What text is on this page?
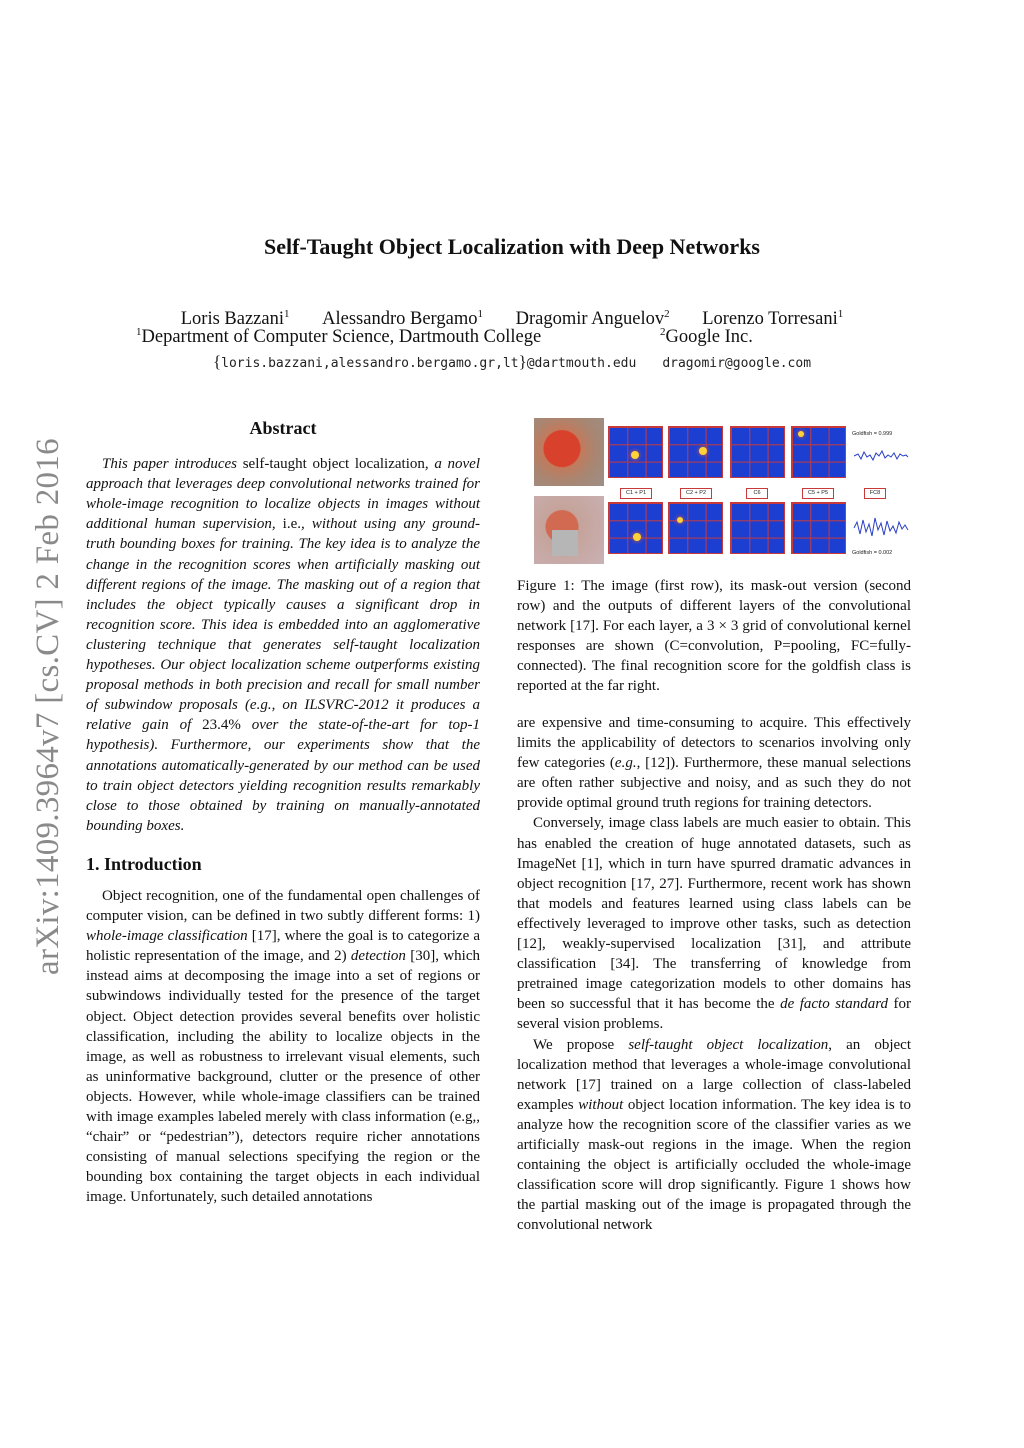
arXiv:1409.3964v7 [cs.CV] 2 Feb 2016
Self-Taught Object Localization with Deep Networks
Loris Bazzani$^1$ Alessandro Bergamo$^1$ Dragomir Anguelov$^2$ Lorenzo Torresani$^1$
$^1$Department of Computer Science, Dartmouth College	$^2$Google Inc.
{loris.bazzani,alessandro.bergamo.gr,lt}@dartmouth.edu dragomir@google.com
Abstract

This paper introduces self-taught object localization, a novel approach that leverages deep convolutional networks trained for whole-image recognition to localize objects in images without additional human supervision, i.e., without using any ground-truth bounding boxes for training. The key idea is to analyze the change in the recognition scores when artificially masking out different regions of the image. The masking out of a region that includes the object typically causes a significant drop in recognition score. This idea is embedded into an agglomerative clustering technique that generates self-taught localization hypotheses. Our object localization scheme outperforms existing proposal methods in both precision and recall for small number of subwindow proposals (e.g., on ILSVRC-2012 it produces a relative gain of 23.4% over the state-of-the-art for top-1 hypothesis). Furthermore, our experiments show that the annotations automatically-generated by our method can be used to train object detectors yielding recognition results remarkably close to those obtained by training on manually-annotated bounding boxes.

1. Introduction

Object recognition, one of the fundamental open challenges of computer vision, can be defined in two subtly different forms: 1) whole-image classification [17], where the goal is to categorize a holistic representation of the image, and 2) detection [30], which instead aims at decomposing the image into a set of regions or subwindows individually tested for the presence of the target object. Object detection provides several benefits over holistic classification, including the ability to localize objects in the image, as well as robustness to irrelevant visual elements, such as uninformative background, clutter or the presence of other objects. However, while whole-image classifiers can be trained with image examples labeled merely with class information (e.g,, “chair” or “pedestrian”), detectors require richer annotations consisting of manual selections specifying the region or the bounding box containing the target objects in each individual image. Unfortunately, such detailed annotations

Goldfish = 0.999
C1 + P1	C2 + P2	C6	C5 + P5	FC8
Goldfish = 0.002
Figure 1: The image (first row), its mask-out version (second row) and the outputs of different layers of the convolutional network [17]. For each layer, a 3 × 3 grid of convolutional kernel responses are shown (C=convolution, P=pooling, FC=fully-connected). The final recognition score for the goldfish class is reported at the far right.

are expensive and time-consuming to acquire. This effectively limits the applicability of detectors to scenarios involving only few categories (e.g., [12]). Furthermore, these manual selections are often rather subjective and noisy, and as such they do not provide optimal ground truth regions for training detectors.

Conversely, image class labels are much easier to obtain. This has enabled the creation of huge annotated datasets, such as ImageNet [1], which in turn have spurred dramatic advances in object recognition [17, 27]. Furthermore, recent work has shown that models and features learned using class labels can be effectively leveraged to improve other tasks, such as detection [12], weakly-supervised localization [31], and attribute classification [34]. The transferring of knowledge from pretrained image categorization models to other domains has been so successful that it has become the de facto standard for several vision problems.

We propose self-taught object localization, an object localization method that leverages a whole-image convolutional network [17] trained on a large collection of class-labeled examples without object location information. The key idea is to analyze how the recognition score of the classifier varies as we artificially mask-out regions in the image. When the region containing the object is artificially occluded the whole-image classification score will drop significantly. Figure 1 shows how the partial masking out of the image is propagated through the convolutional network
